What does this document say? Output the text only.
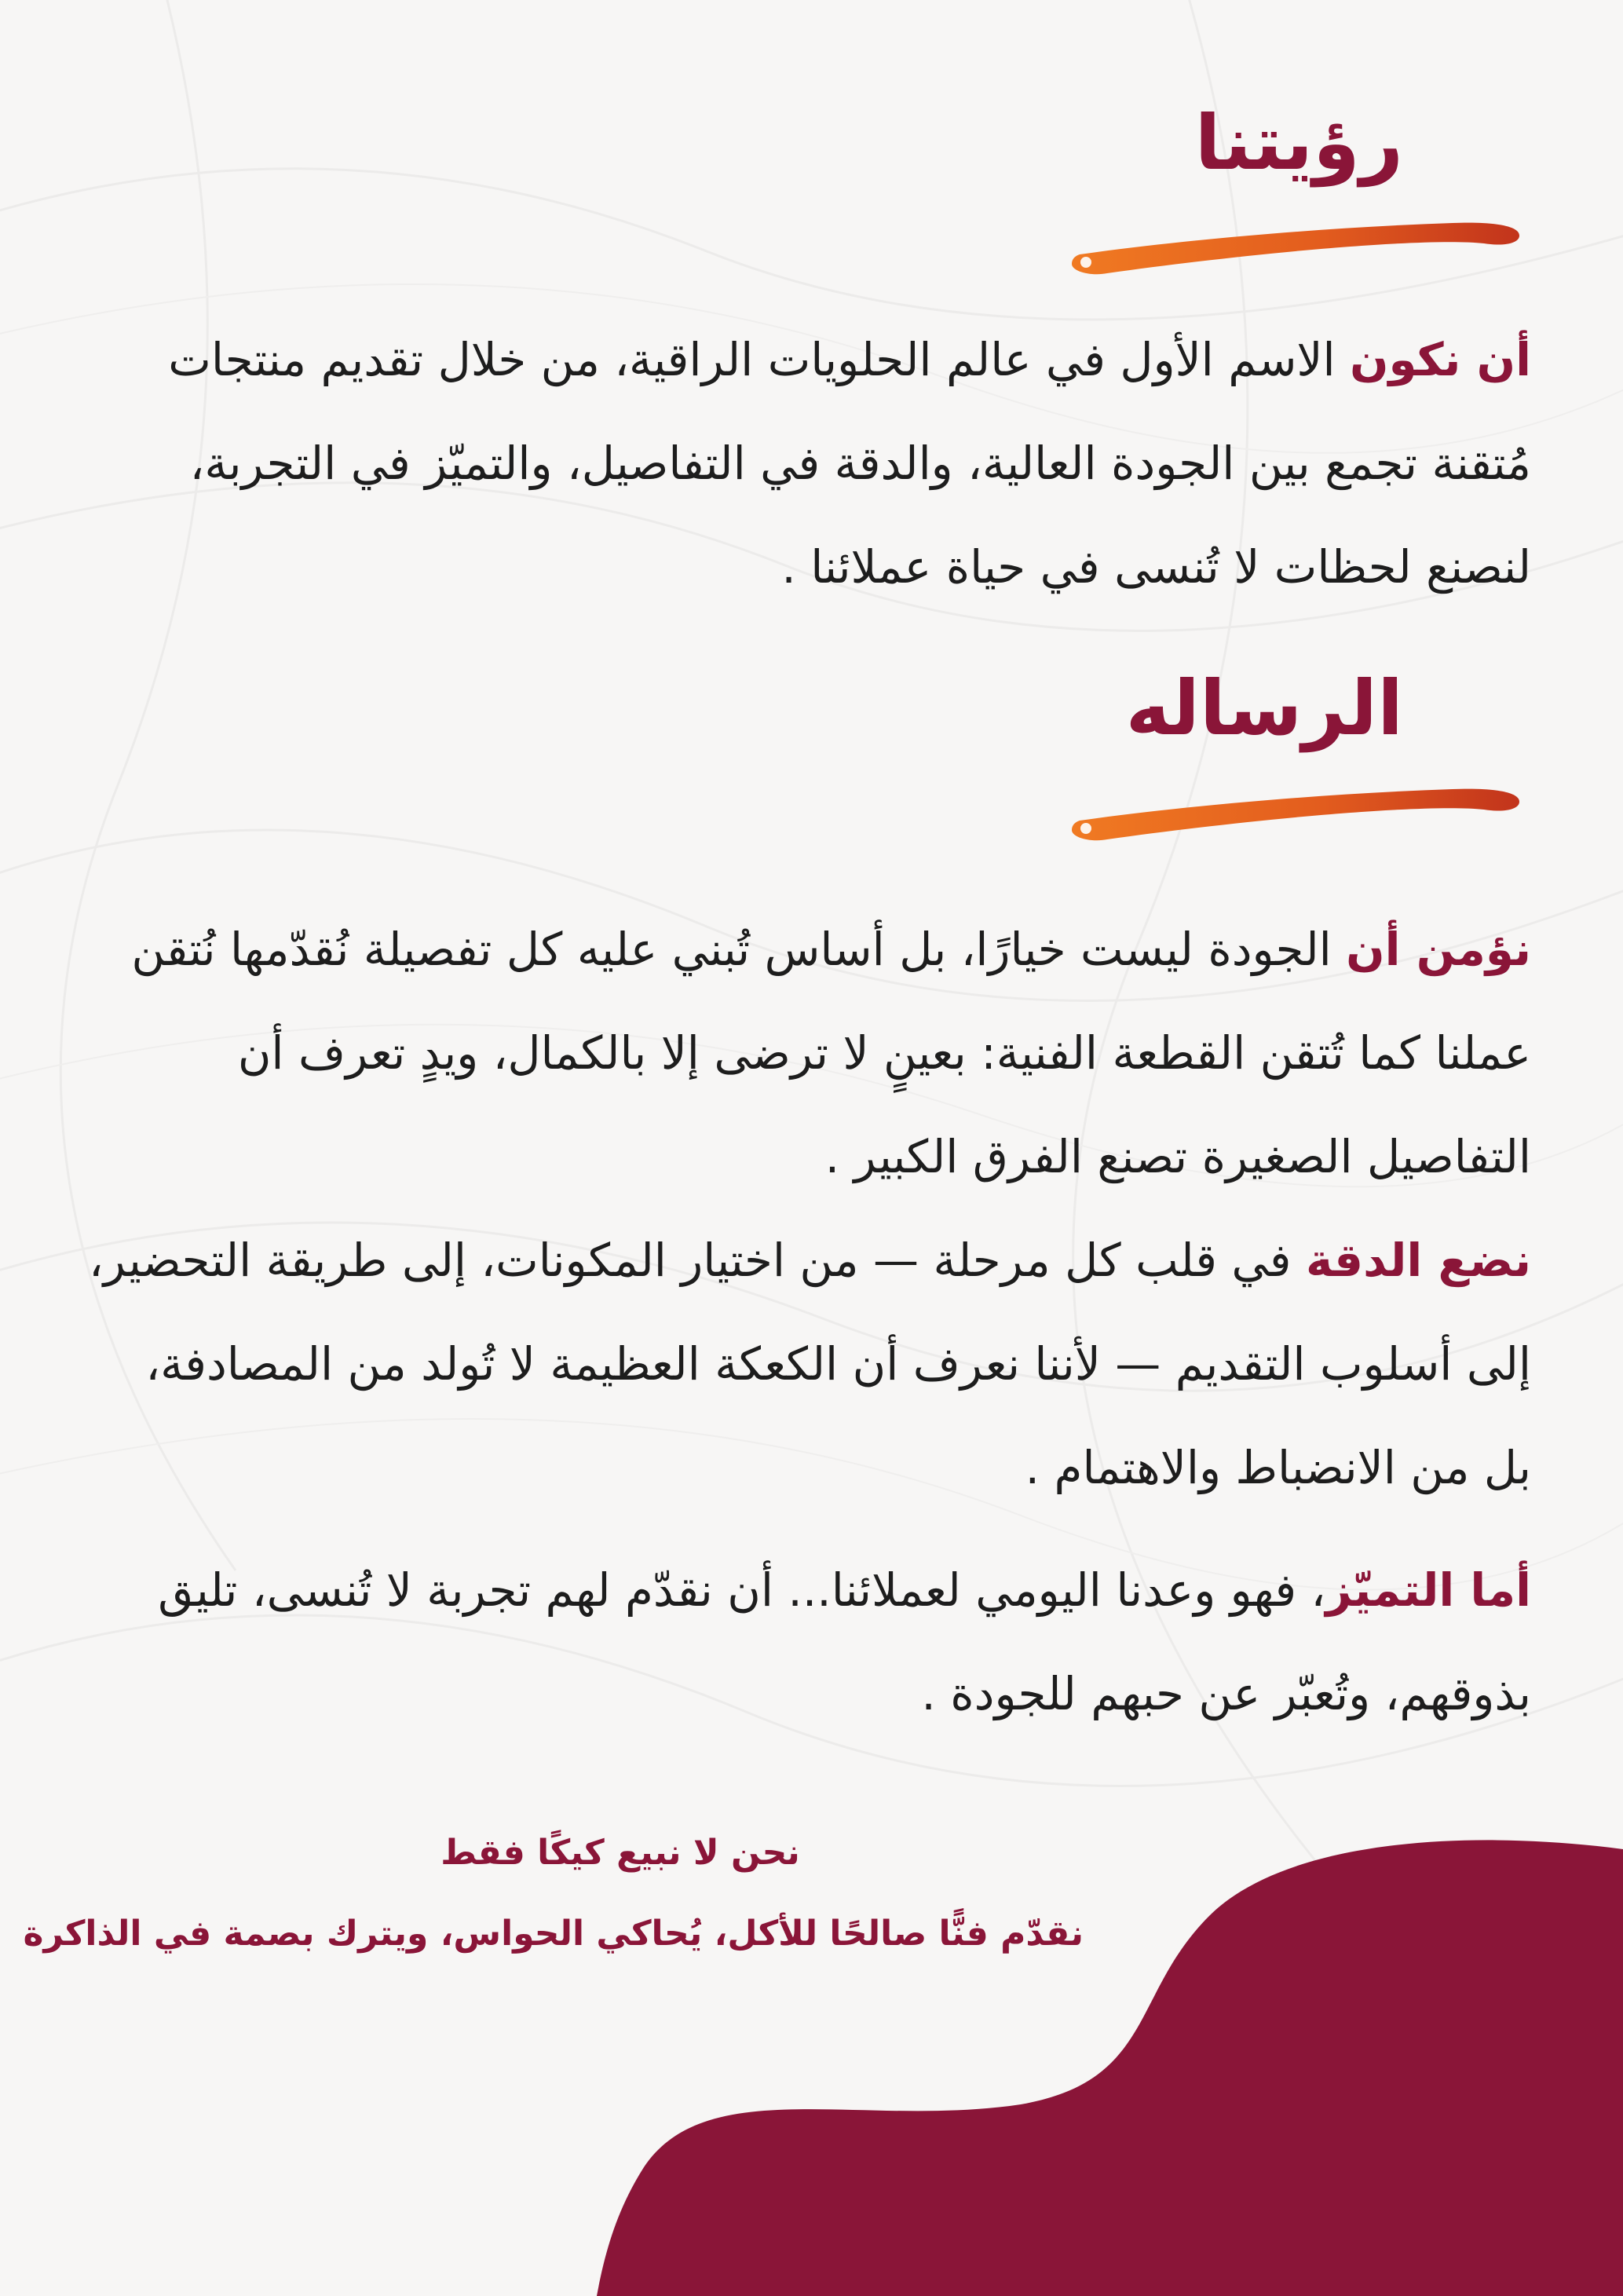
رؤيتنا

أن نكون الاسم الأول في عالم الحلويات الراقية، من خلال تقديم منتجات مُتقنة تجمع بين الجودة العالية، والدقة في التفاصيل، والتميّز في التجربة، لنصنع لحظات لا تُنسى في حياة عملائنا .

الرساله

نؤمن أن الجودة ليست خيارًا، بل أساس تُبني عليه كل تفصيلة نُقدّمها نُتقن عملنا كما تُتقن القطعة الفنية: بعينٍ لا ترضى إلا بالكمال، ويدٍ تعرف أن التفاصيل الصغيرة تصنع الفرق الكبير .

نضع الدقة في قلب كل مرحلة — من اختيار المكونات، إلى طريقة التحضير، إلى أسلوب التقديم — لأننا نعرف أن الكعكة العظيمة لا تُولد من المصادفة، بل من الانضباط والاهتمام .

أما التميّز، فهو وعدنا اليومي لعملائنا... أن نقدّم لهم تجربة لا تُنسى، تليق بذوقهم، وتُعبّر عن حبهم للجودة .

نحن لا نبيع كيكًا فقط

نقدّم فنًّا صالحًا للأكل، يُحاكي الحواس، ويترك بصمة في الذاكرة
